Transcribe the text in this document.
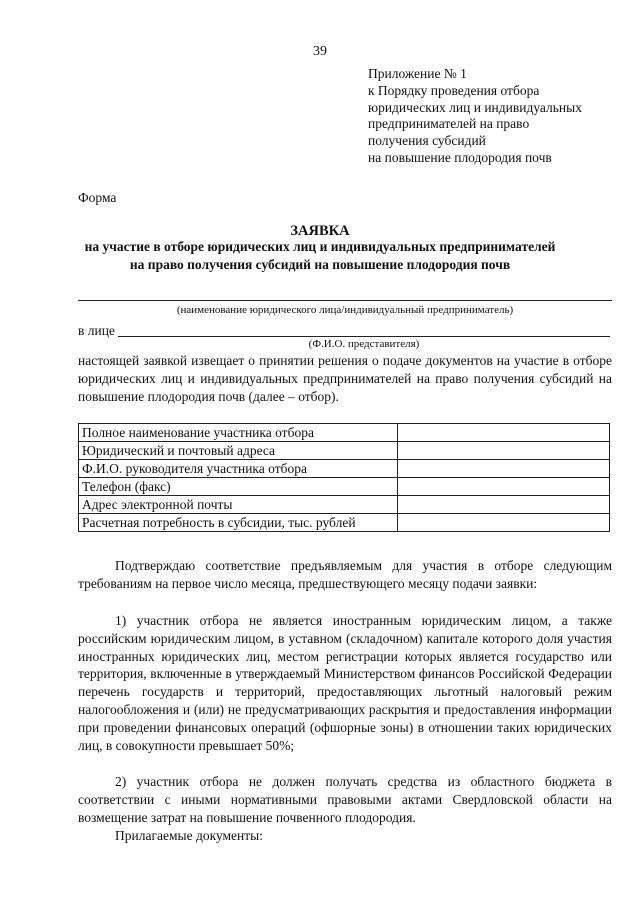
39
Приложение № 1
к Порядку проведения отбора
юридических лиц и индивидуальных
предпринимателей на право
получения субсидий
на повышение плодородия почв
Форма
ЗАЯВКА
на участие в отборе юридических лиц и индивидуальных предпринимателей
на право получения субсидий на повышение плодородия почв
(наименование юридического лица/индивидуальный предприниматель)
в лице
(Ф.И.О. представителя)
настоящей заявкой извещает о принятии решения о подаче документов на участие в отборе юридических лиц и индивидуальных предпринимателей на право получения субсидий на повышение плодородия почв (далее – отбор).
Полное наименование участника отбора	
Юридический и почтовый адреса	
Ф.И.О. руководителя участника отбора	
Телефон (факс)	
Адрес электронной почты	
Расчетная потребность в субсидии, тыс. рублей	
Подтверждаю соответствие предъявляемым для участия в отборе следующим требованиям на первое число месяца, предшествующего месяцу подачи заявки:
1) участник отбора не является иностранным юридическим лицом, а также российским юридическим лицом, в уставном (складочном) капитале которого доля участия иностранных юридических лиц, местом регистрации которых является государство или территория, включенные в утверждаемый Министерством финансов Российской Федерации перечень государств и территорий, предоставляющих льготный налоговый режим налогообложения и (или) не предусматривающих раскрытия и предоставления информации при проведении финансовых операций (офшорные зоны) в отношении таких юридических лиц, в совокупности превышает 50%;
2) участник отбора не должен получать средства из областного бюджета в соответствии с иными нормативными правовыми актами Свердловской области на возмещение затрат на повышение почвенного плодородия.
Прилагаемые документы:
